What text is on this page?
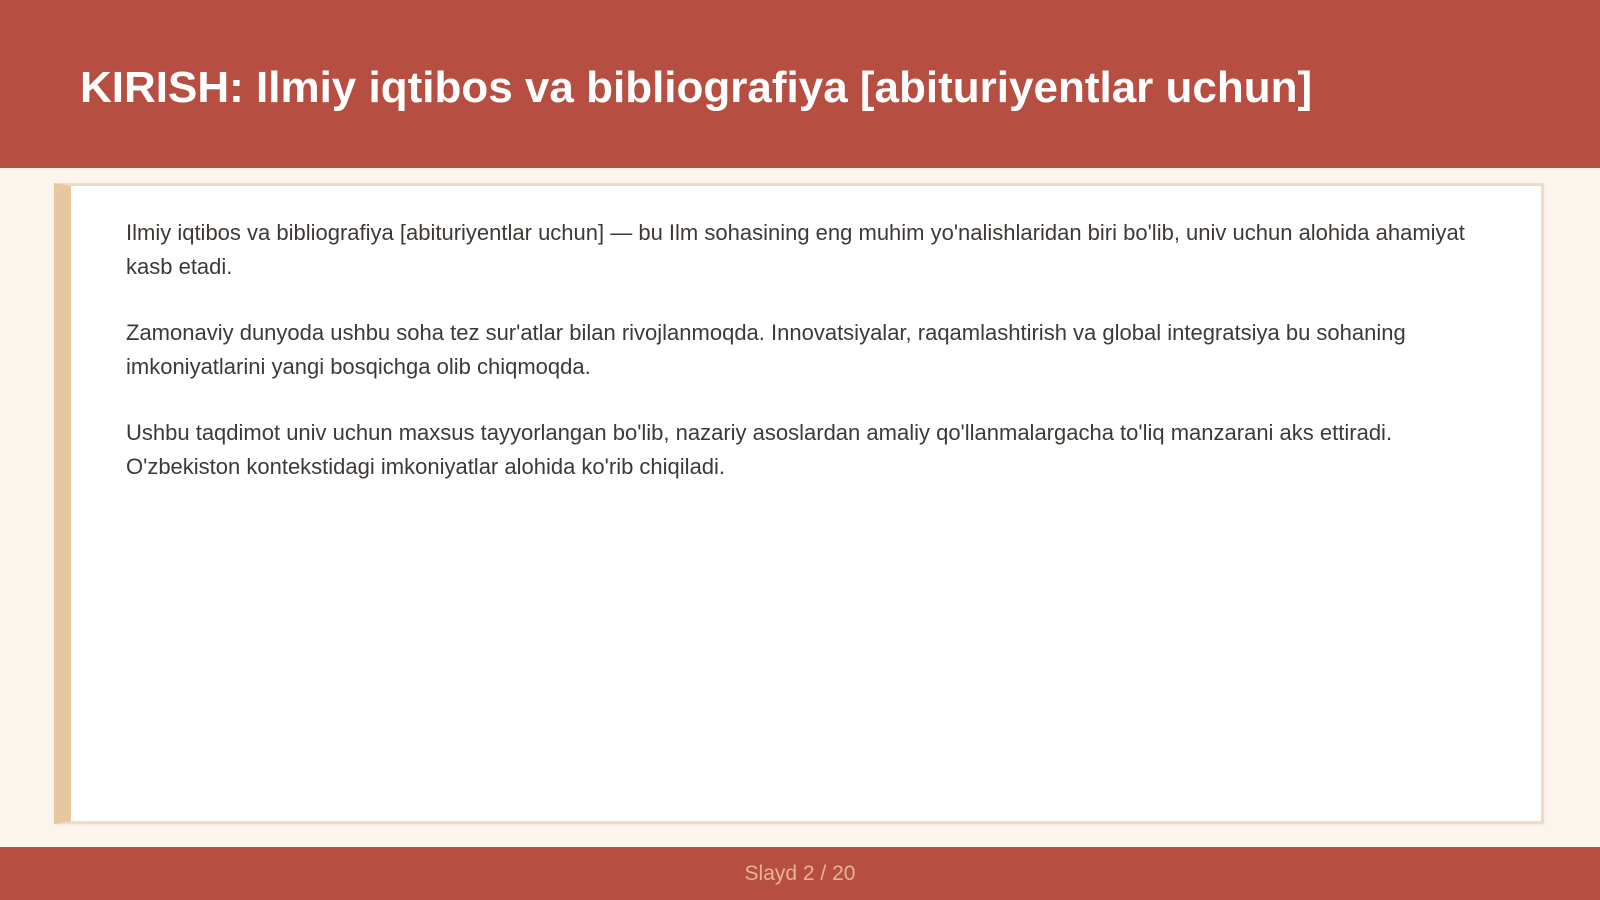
KIRISH: Ilmiy iqtibos va bibliografiya [abituriyentlar uchun]

Ilmiy iqtibos va bibliografiya [abituriyentlar uchun] — bu Ilm sohasining eng muhim yo'nalishlaridan biri bo'lib, univ uchun alohida ahamiyat kasb etadi.

Zamonaviy dunyoda ushbu soha tez sur'atlar bilan rivojlanmoqda. Innovatsiyalar, raqamlashtirish va global integratsiya bu sohaning imkoniyatlarini yangi bosqichga olib chiqmoqda.

Ushbu taqdimot univ uchun maxsus tayyorlangan bo'lib, nazariy asoslardan amaliy qo'llanmalargacha to'liq manzarani aks ettiradi. O'zbekiston kontekstidagi imkoniyatlar alohida ko'rib chiqiladi.

Slayd 2 / 20
